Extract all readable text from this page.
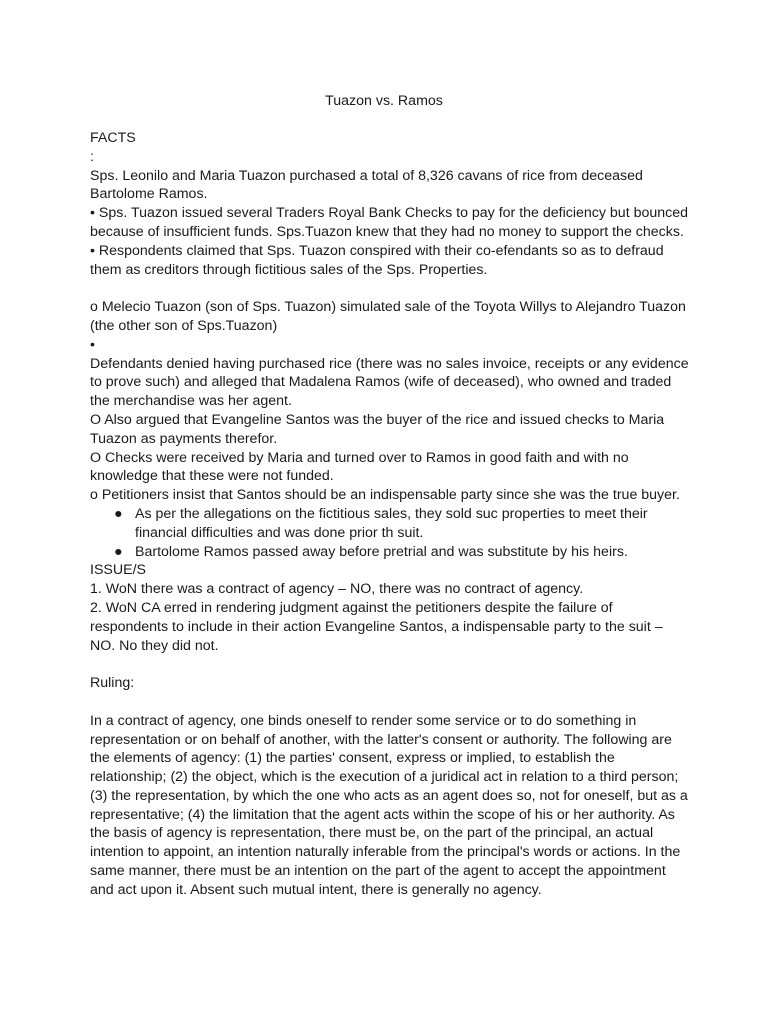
Tuazon vs. Ramos

FACTS

:

Sps. Leonilo and Maria Tuazon purchased a total of 8,326 cavans of rice from deceased Bartolome Ramos.

• Sps. Tuazon issued several Traders Royal Bank Checks to pay for the deficiency but bounced because of insufficient funds. Sps.Tuazon knew that they had no money to support the checks.

• Respondents claimed that Sps. Tuazon conspired with their co-efendants so as to defraud them as creditors through fictitious sales of the Sps. Properties.

o Melecio Tuazon (son of Sps. Tuazon) simulated sale of the Toyota Willys to Alejandro Tuazon (the other son of Sps.Tuazon)

•

Defendants denied having purchased rice (there was no sales invoice, receipts or any evidence to prove such) and alleged that Madalena Ramos (wife of deceased), who owned and traded the merchandise was her agent.

O Also argued that Evangeline Santos was the buyer of the rice and issued checks to Maria Tuazon as payments therefor.

O Checks were received by Maria and turned over to Ramos in good faith and with no knowledge that these were not funded.

o Petitioners insist that Santos should be an indispensable party since she was the true buyer.

● As per the allegations on the fictitious sales, they sold suc properties to meet their financial difficulties and was done prior th suit.
● Bartolome Ramos passed away before pretrial and was substitute by his heirs.

ISSUE/S

1. WoN there was a contract of agency – NO, there was no contract of agency.

2. WoN CA erred in rendering judgment against the petitioners despite the failure of respondents to include in their action Evangeline Santos, a indispensable party to the suit – NO. No they did not.

Ruling:

In a contract of agency, one binds oneself to render some service or to do something in representation or on behalf of another, with the latter's consent or authority. The following are the elements of agency: (1) the parties' consent, express or implied, to establish the relationship; (2) the object, which is the execution of a juridical act in relation to a third person; (3) the representation, by which the one who acts as an agent does so, not for oneself, but as a representative; (4) the limitation that the agent acts within the scope of his or her authority. As the basis of agency is representation, there must be, on the part of the principal, an actual intention to appoint, an intention naturally inferable from the principal's words or actions. In the same manner, there must be an intention on the part of the agent to accept the appointment and act upon it. Absent such mutual intent, there is generally no agency.
